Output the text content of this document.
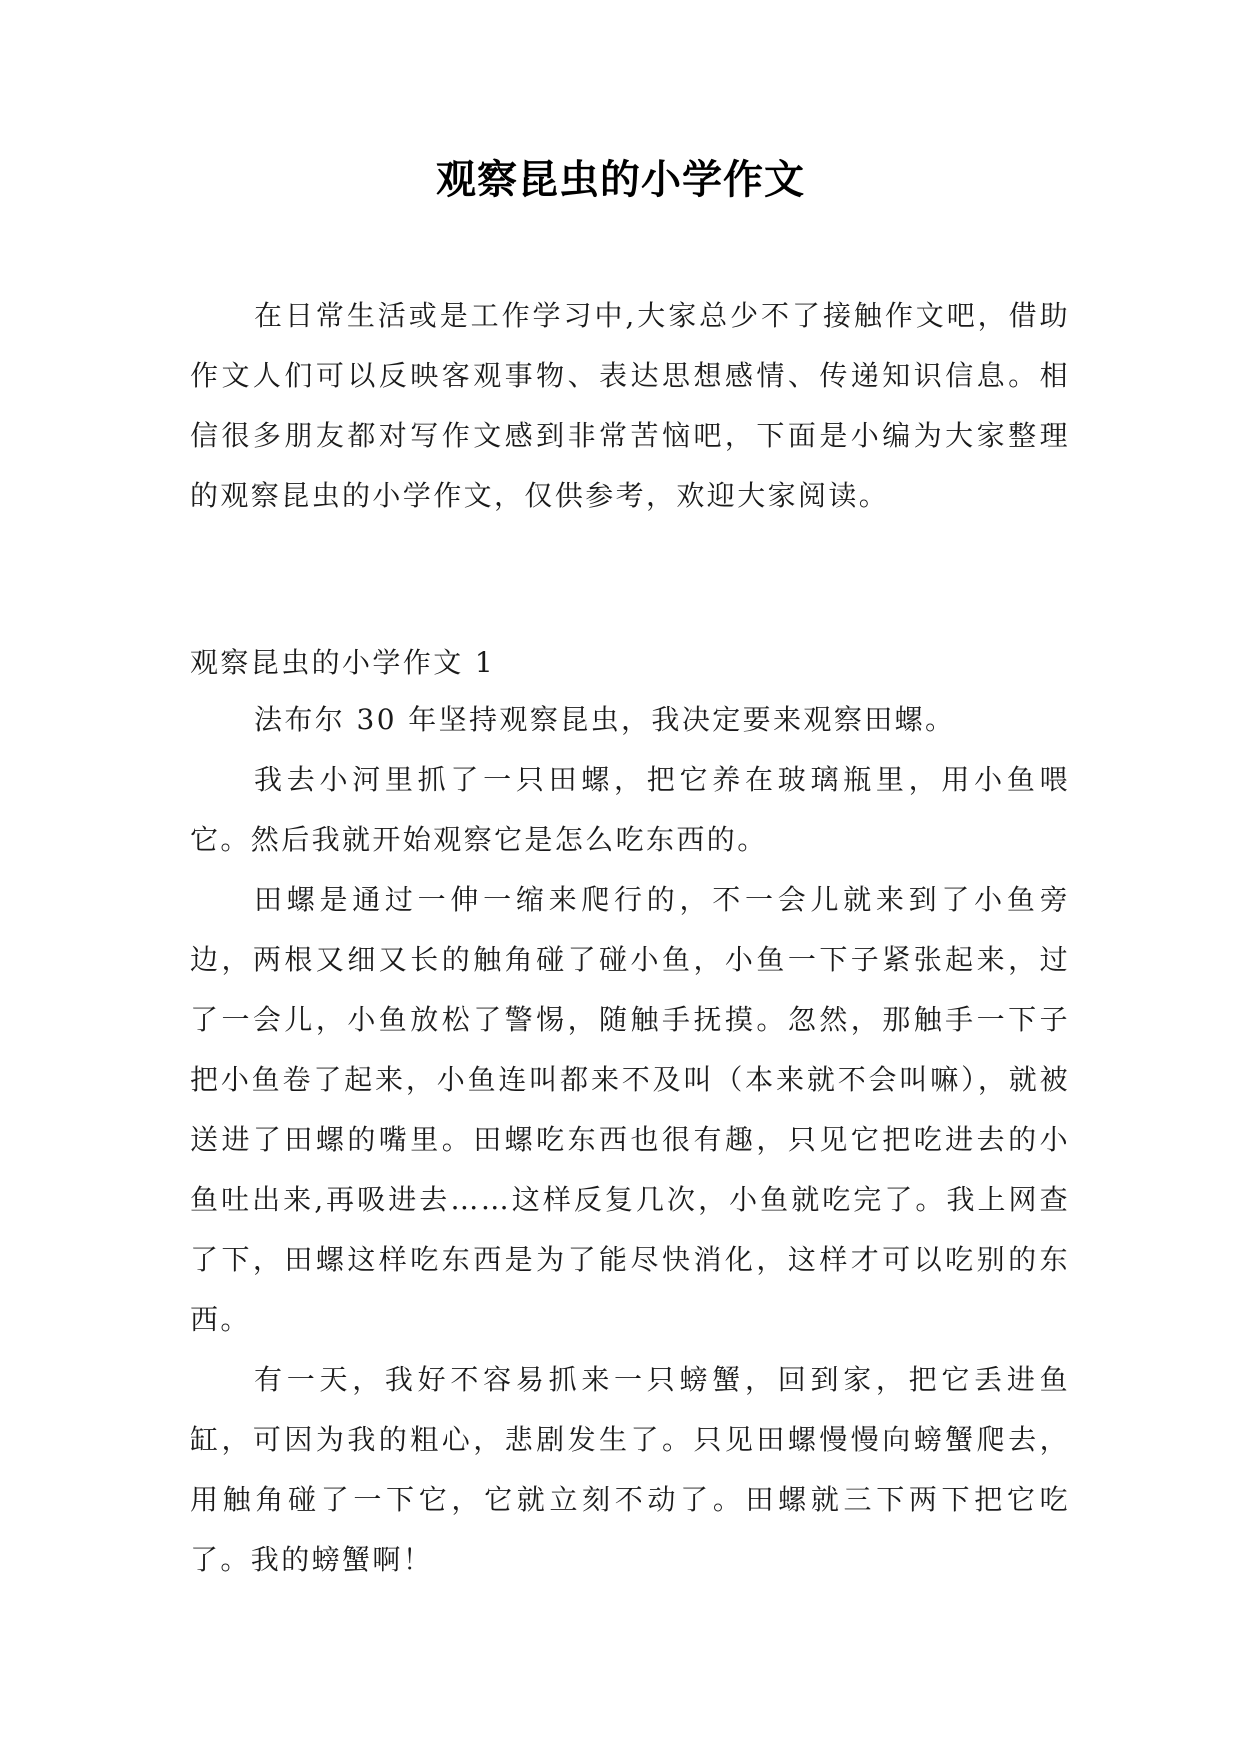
观察昆虫的小学作文

在日常生活或是工作学习中,大家总少不了接触作文吧，借助作文人们可以反映客观事物、表达思想感情、传递知识信息。相信很多朋友都对写作文感到非常苦恼吧，下面是小编为大家整理的观察昆虫的小学作文，仅供参考，欢迎大家阅读。

观察昆虫的小学作文 1

法布尔 30 年坚持观察昆虫，我决定要来观察田螺。

我去小河里抓了一只田螺，把它养在玻璃瓶里，用小鱼喂它。然后我就开始观察它是怎么吃东西的。

田螺是通过一伸一缩来爬行的，不一会儿就来到了小鱼旁边，两根又细又长的触角碰了碰小鱼，小鱼一下子紧张起来，过了一会儿，小鱼放松了警惕，随触手抚摸。忽然，那触手一下子把小鱼卷了起来，小鱼连叫都来不及叫（本来就不会叫嘛），就被送进了田螺的嘴里。田螺吃东西也很有趣，只见它把吃进去的小鱼吐出来,再吸进去……这样反复几次，小鱼就吃完了。我上网查了下，田螺这样吃东西是为了能尽快消化，这样才可以吃别的东西。

有一天，我好不容易抓来一只螃蟹，回到家，把它丢进鱼缸，可因为我的粗心，悲剧发生了。只见田螺慢慢向螃蟹爬去，用触角碰了一下它，它就立刻不动了。田螺就三下两下把它吃了。我的螃蟹啊！
